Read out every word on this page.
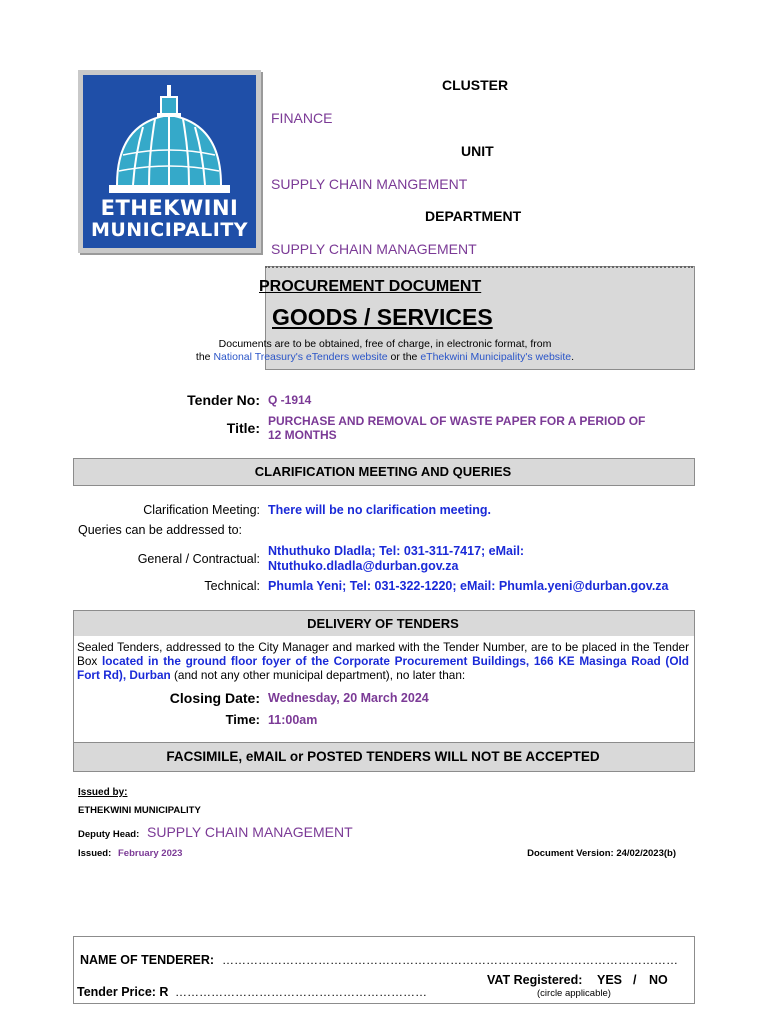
ETHEKWINI
MUNICIPALITY
CLUSTER
FINANCE
UNIT
SUPPLY CHAIN MANGEMENT
DEPARTMENT
SUPPLY CHAIN MANAGEMENT
PROCUREMENT DOCUMENT
GOODS / SERVICES
Documents are to be obtained, free of charge, in electronic format, from
the National Treasury's eTenders website or the eThekwini Municipality's website.
Tender No: Q -1914
Title: PURCHASE AND REMOVAL OF WASTE PAPER FOR A PERIOD OF
12 MONTHS
CLARIFICATION MEETING AND QUERIES
Clarification Meeting: There will be no clarification meeting.
Queries can be addressed to:
General / Contractual:
Nthuthuko Dladla; Tel: 031-311-7417; eMail:
Ntuthuko.dladla@durban.gov.za
Technical: Phumla Yeni; Tel: 031-322-1220; eMail: Phumla.yeni@durban.gov.za
DELIVERY OF TENDERS
Sealed Tenders, addressed to the City Manager and marked with the Tender Number, are to be placed in the Tender Box located in the ground floor foyer of the Corporate Procurement Buildings, 166 KE Masinga Road (Old Fort Rd), Durban (and not any other municipal department), no later than:
Closing Date: Wednesday, 20 March 2024
Time: 11:00am
FACSIMILE, eMAIL or POSTED TENDERS WILL NOT BE ACCEPTED
Issued by:
ETHEKWINI MUNICIPALITY
Deputy Head: SUPPLY CHAIN MANAGEMENT
Issued: February 2023	Document Version: 24/02/2023(b)
NAME OF TENDERER: ……………………………………………………………………………………………………
VAT Registered: YES / NO
(circle applicable)
Tender Price: R ………………………………………………………
